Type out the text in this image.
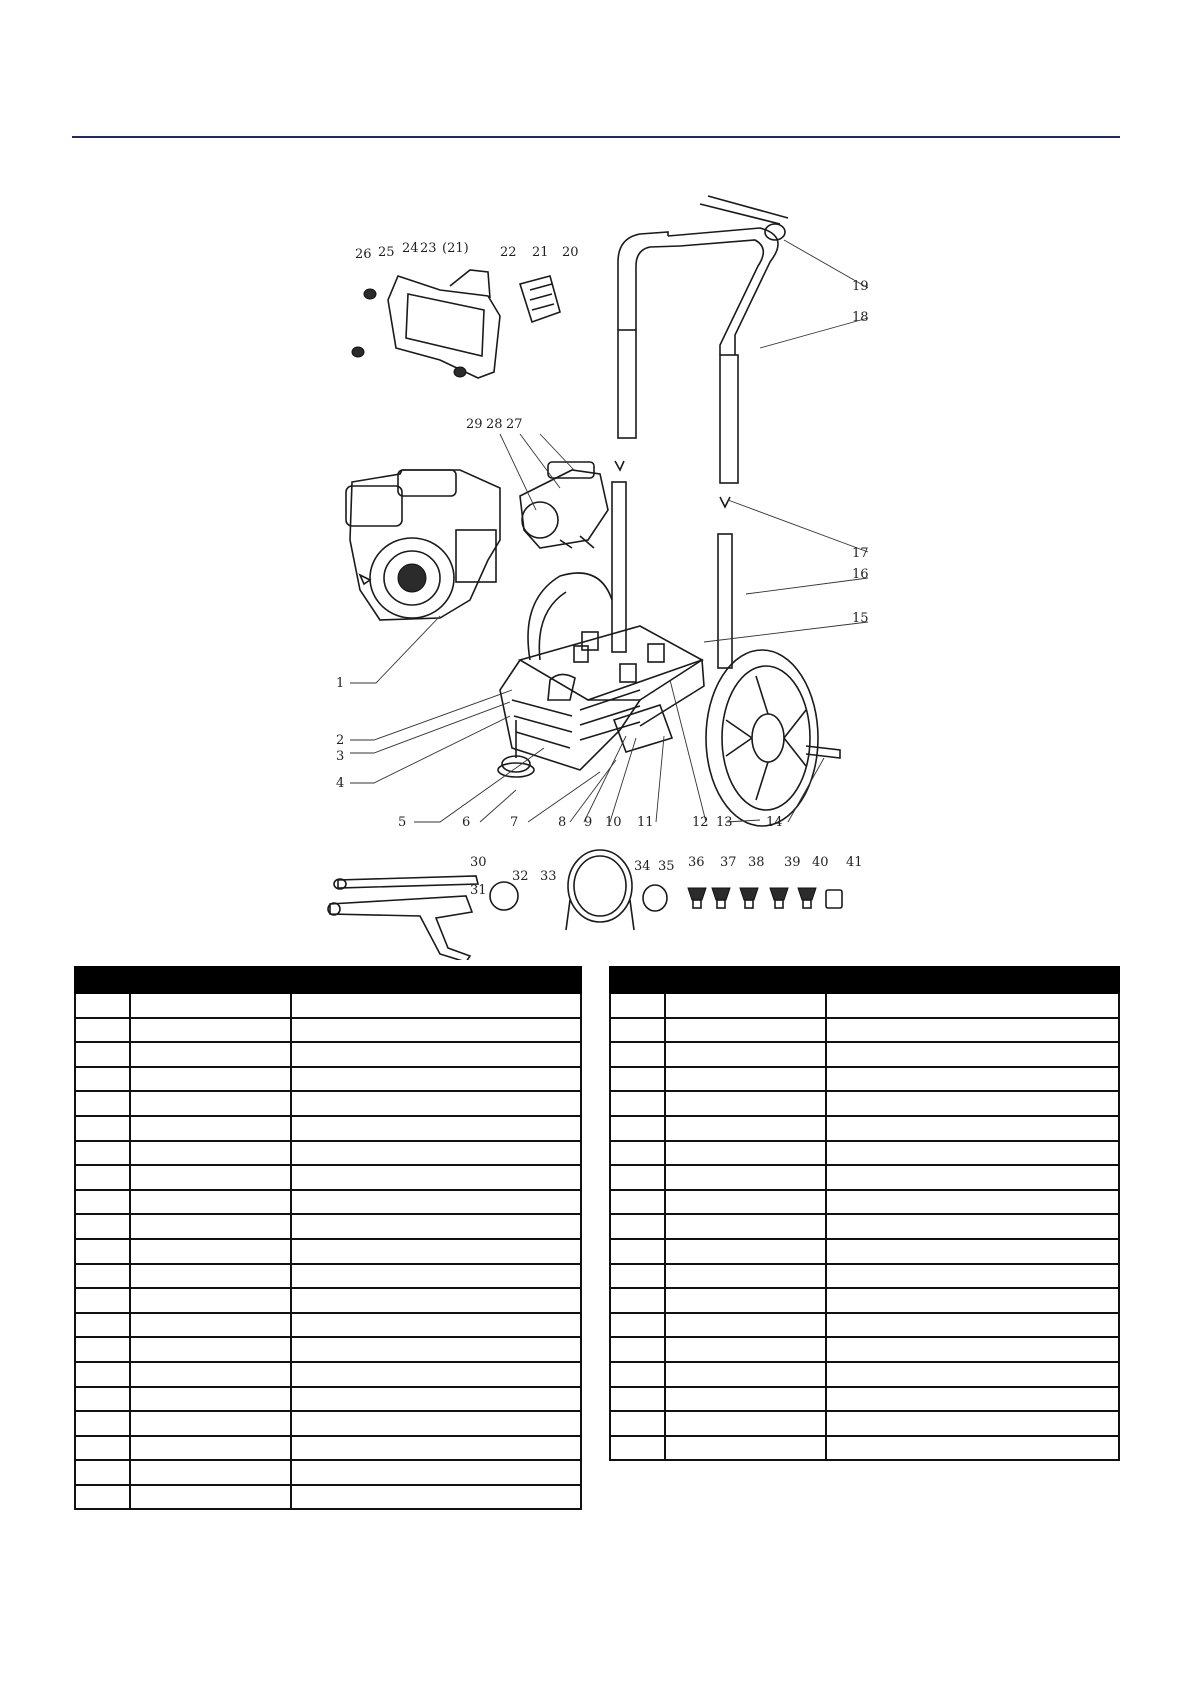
1
2
3
4
5	6	7	8 9 10 11	12 13	14
15
16
17
18
19
20
21
(21) 22
23
24
25
26
27
28
29
30
31
32 33
34 35 36 37 38 39 40 41
